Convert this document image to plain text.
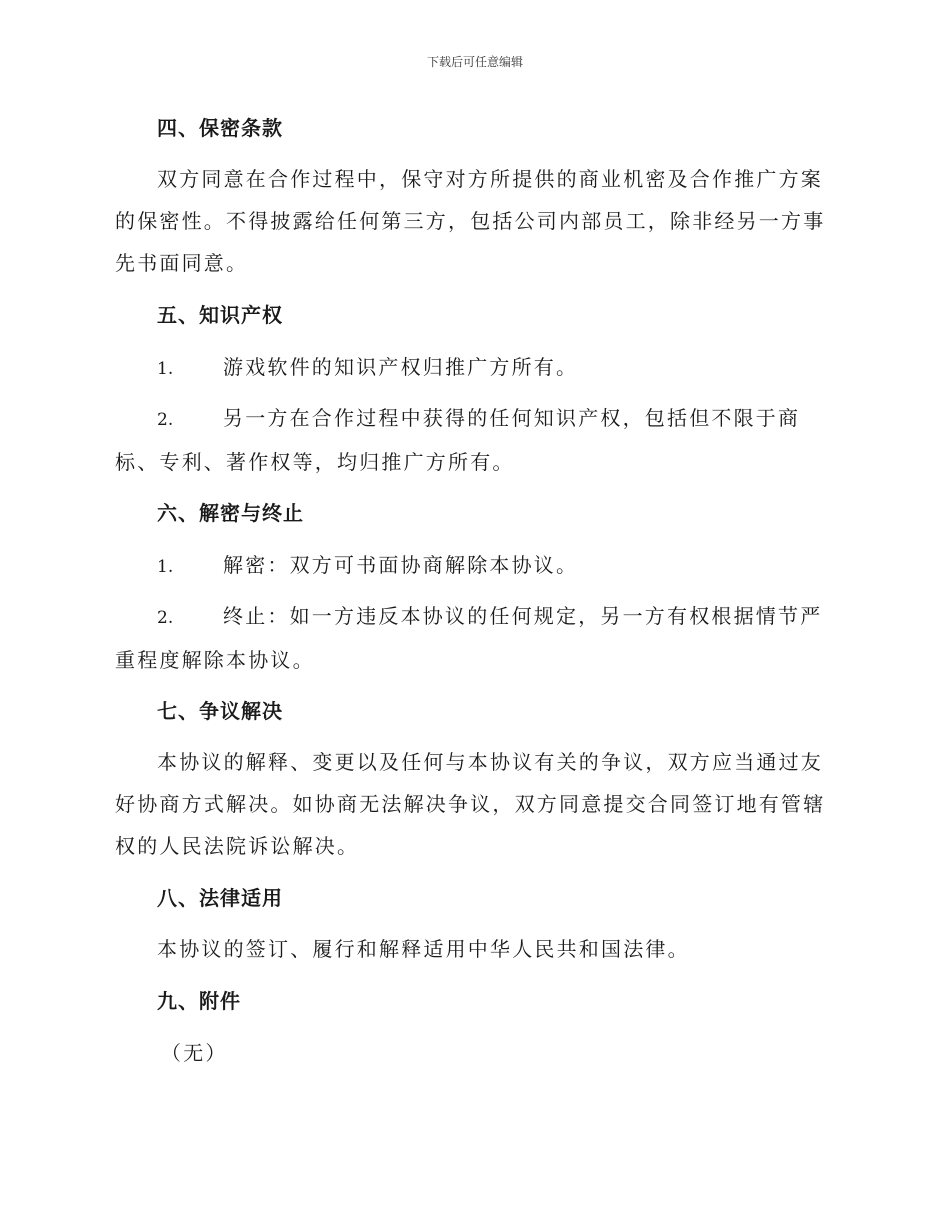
下载后可任意编辑
四、保密条款
双方同意在合作过程中，保守对方所提供的商业机密及合作推广方案的保密性。不得披露给任何第三方，包括公司内部员工，除非经另一方事先书面同意。
五、知识产权
1. 游戏软件的知识产权归推广方所有。
2. 另一方在合作过程中获得的任何知识产权，包括但不限于商标、专利、著作权等，均归推广方所有。
六、解密与终止
1. 解密：双方可书面协商解除本协议。
2. 终止：如一方违反本协议的任何规定，另一方有权根据情节严重程度解除本协议。
七、争议解决
本协议的解释、变更以及任何与本协议有关的争议，双方应当通过友好协商方式解决。如协商无法解决争议，双方同意提交合同签订地有管辖权的人民法院诉讼解决。
八、法律适用
本协议的签订、履行和解释适用中华人民共和国法律。
九、附件
（无）
